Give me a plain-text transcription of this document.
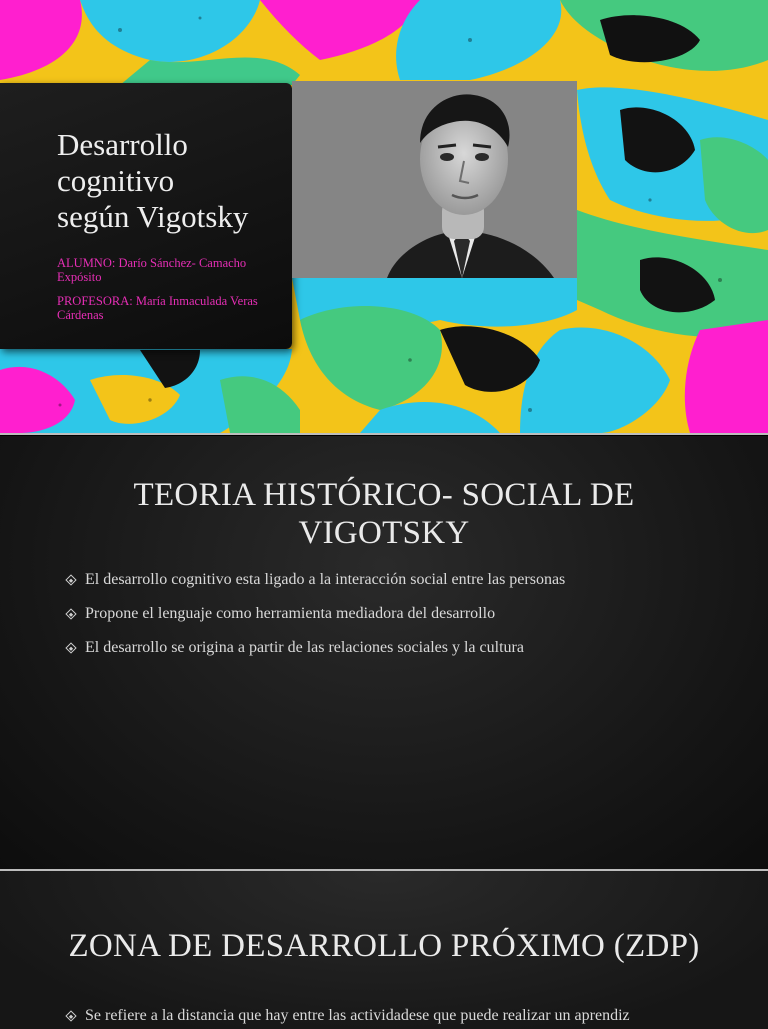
Desarrollo
cognitivo
según Vigotsky
ALUMNO: Darío Sánchez- Camacho Expósito
PROFESORA: María Inmaculada Veras Cárdenas
TEORIA HISTÓRICO- SOCIAL DE
VIGOTSKY
El desarrollo cognitivo esta ligado a la interacción social entre las personas
Propone el lenguaje como herramienta mediadora del desarrollo
El desarrollo se origina a partir de las relaciones sociales y la cultura
ZONA DE DESARROLLO PRÓXIMO (ZDP)
Se refiere a la distancia que hay entre las actividadese que puede realizar un aprendiz
